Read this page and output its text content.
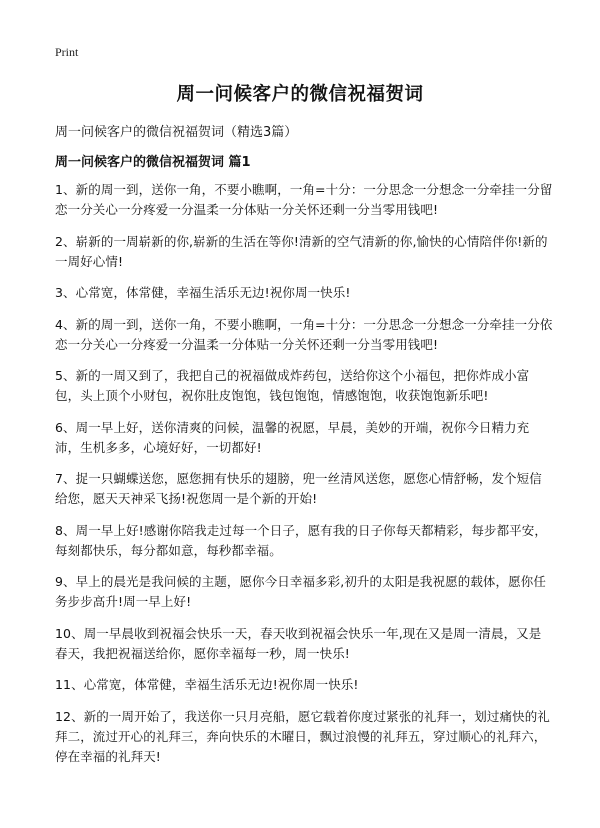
Print
周一问候客户的微信祝福贺词

周一问候客户的微信祝福贺词（精选3篇）

周一问候客户的微信祝福贺词 篇1

1、新的周一到，送你一角，不要小瞧啊，一角=十分：一分思念一分想念一分牵挂一分留恋一分关心一分疼爱一分温柔一分体贴一分关怀还剩一分当零用钱吧!

2、崭新的一周崭新的你,崭新的生活在等你!清新的空气清新的你,愉快的心情陪伴你!新的一周好心情!

3、心常宽，体常健，幸福生活乐无边!祝你周一快乐!

4、新的周一到，送你一角，不要小瞧啊，一角=十分：一分思念一分想念一分牵挂一分依恋一分关心一分疼爱一分温柔一分体贴一分关怀还剩一分当零用钱吧!

5、新的一周又到了，我把自己的祝福做成炸药包，送给你这个小福包，把你炸成小富包，头上顶个小财包，祝你肚皮饱饱，钱包饱饱，情感饱饱，收获饱饱新乐吧!

6、周一早上好，送你清爽的问候，温馨的祝愿，早晨，美妙的开端，祝你今日精力充沛，生机多多，心境好好，一切都好!

7、捉一只蝴蝶送您，愿您拥有快乐的翅膀，兜一丝清风送您，愿您心情舒畅，发个短信给您，愿天天神采飞扬!祝您周一是个新的开始!

8、周一早上好!感谢你陪我走过每一个日子，愿有我的日子你每天都精彩，每步都平安，每刻都快乐，每分都如意，每秒都幸福。

9、早上的晨光是我问候的主题，愿你今日幸福多彩,初升的太阳是我祝愿的载体，愿你任务步步高升!周一早上好!

10、周一早晨收到祝福会快乐一天，春天收到祝福会快乐一年,现在又是周一清晨，又是春天，我把祝福送给你，愿你幸福每一秒，周一快乐!

11、心常宽，体常健，幸福生活乐无边!祝你周一快乐!

12、新的一周开始了，我送你一只月亮船，愿它载着你度过紧张的礼拜一，划过痛快的礼拜二，流过开心的礼拜三，奔向快乐的木曜日，飘过浪慢的礼拜五，穿过顺心的礼拜六，停在幸福的礼拜天!
